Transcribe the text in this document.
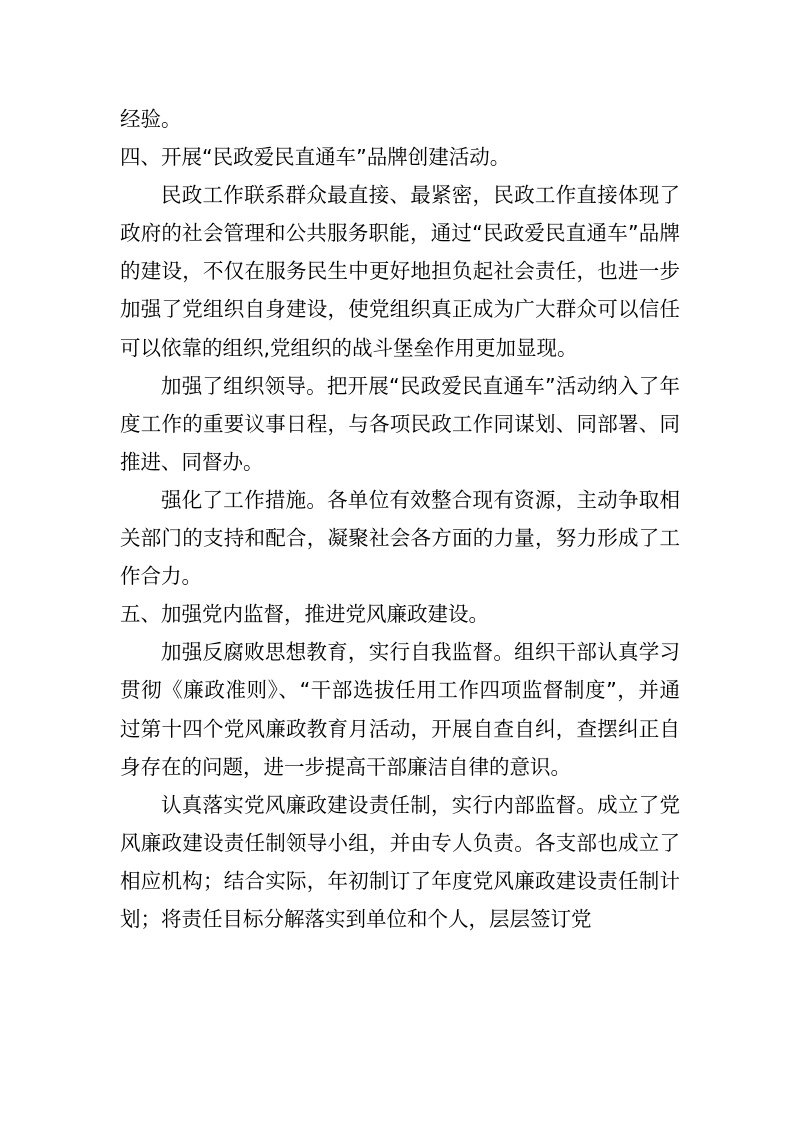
经验。

四、开展“民政爱民直通车”品牌创建活动。

民政工作联系群众最直接、最紧密，民政工作直接体现了政府的社会管理和公共服务职能，通过“民政爱民直通车”品牌的建设，不仅在服务民生中更好地担负起社会责任，也进一步加强了党组织自身建设，使党组织真正成为广大群众可以信任可以依靠的组织,党组织的战斗堡垒作用更加显现。

加强了组织领导。把开展“民政爱民直通车”活动纳入了年度工作的重要议事日程，与各项民政工作同谋划、同部署、同推进、同督办。

强化了工作措施。各单位有效整合现有资源，主动争取相关部门的支持和配合，凝聚社会各方面的力量，努力形成了工作合力。

五、加强党内监督，推进党风廉政建设。

加强反腐败思想教育，实行自我监督。组织干部认真学习贯彻《廉政准则》、“干部选拔任用工作四项监督制度”，并通过第十四个党风廉政教育月活动，开展自查自纠，查摆纠正自身存在的问题，进一步提高干部廉洁自律的意识。

认真落实党风廉政建设责任制，实行内部监督。成立了党风廉政建设责任制领导小组，并由专人负责。各支部也成立了相应机构；结合实际，年初制订了年度党风廉政建设责任制计划；将责任目标分解落实到单位和个人，层层签订党
